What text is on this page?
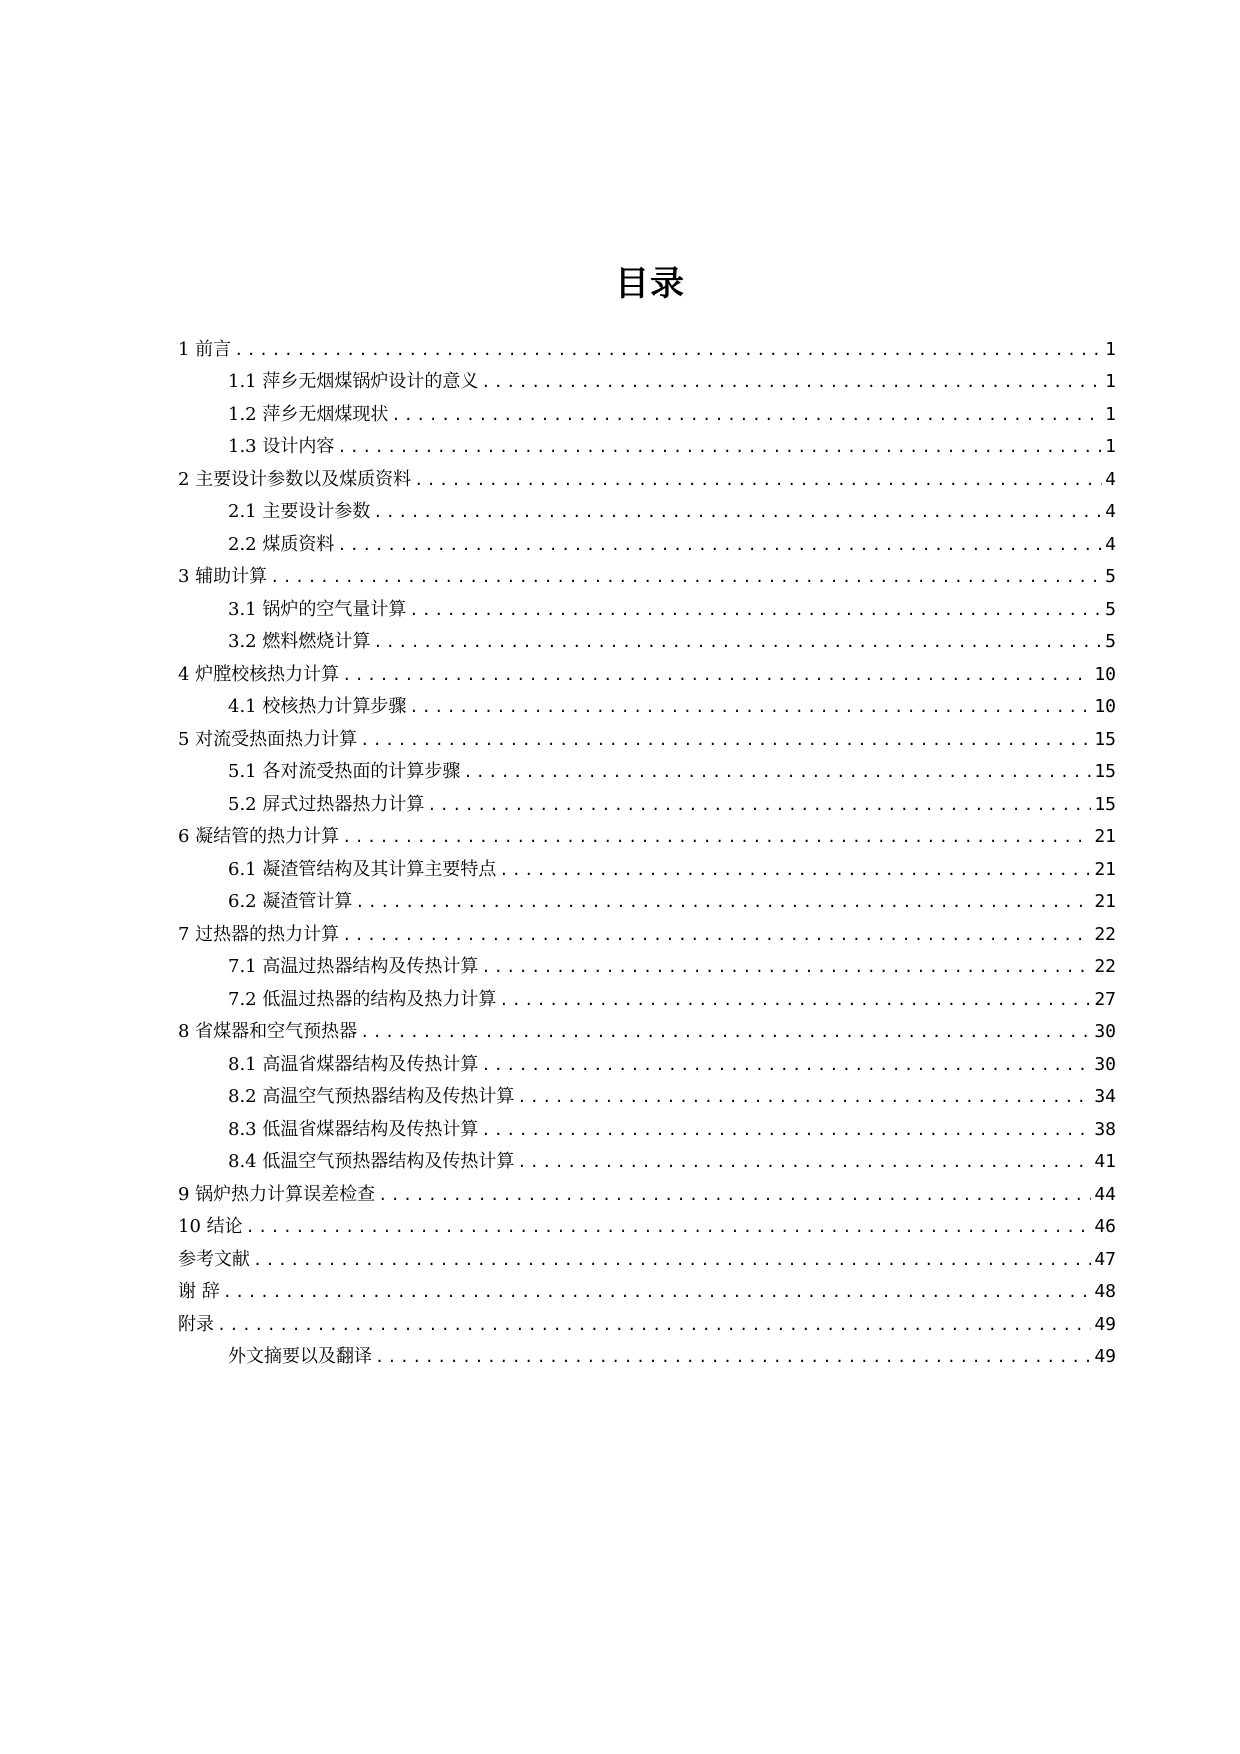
目录
1 前言 .....	1
1.1 萍乡无烟煤锅炉设计的意义 .....	1
1.2 萍乡无烟煤现状 .....	1
1.3 设计内容 .....	1
2 主要设计参数以及煤质资料 .....	4
2.1 主要设计参数 .....	4
2.2 煤质资料 .....	4
3 辅助计算 .....	5
3.1 锅炉的空气量计算 .....	5
3.2 燃料燃烧计算 .....	5
4 炉膛校核热力计算 .....	10
4.1 校核热力计算步骤 .....	10
5 对流受热面热力计算 .....	15
5.1 各对流受热面的计算步骤 .....	15
5.2 屏式过热器热力计算 .....	15
6 凝结管的热力计算 .....	21
6.1 凝渣管结构及其计算主要特点 .....	21
6.2 凝渣管计算 .....	21
7 过热器的热力计算 .....	22
7.1 高温过热器结构及传热计算 .....	22
7.2 低温过热器的结构及热力计算 .....	27
8 省煤器和空气预热器 .....	30
8.1 高温省煤器结构及传热计算 .....	30
8.2 高温空气预热器结构及传热计算 .....	34
8.3 低温省煤器结构及传热计算 .....	38
8.4 低温空气预热器结构及传热计算 .....	41
9 锅炉热力计算误差检查 .....	44
10 结论 .....	46
参考文献 .....	47
谢 辞 .....	48
附录 .....	49
外文摘要以及翻译 .....	49
